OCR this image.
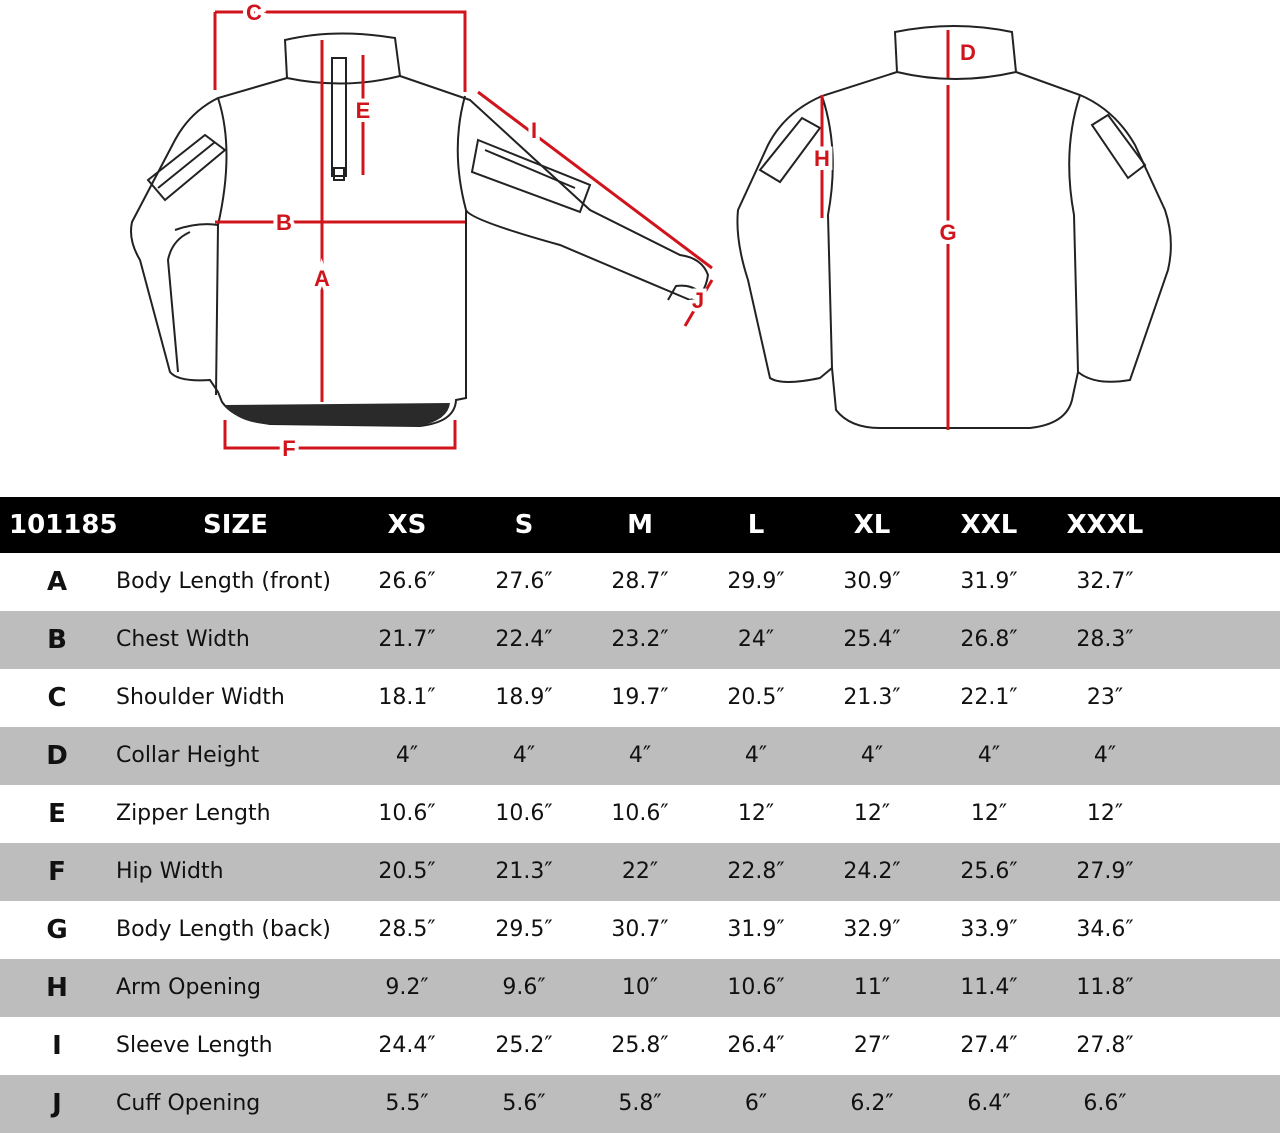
C
E
B
A
F
I
J
D
H
G
101185	SIZE	XS	S	M	L	XL	XXL	XXXL
A	Body Length (front)	26.6″	27.6″	28.7″	29.9″	30.9″	31.9″	32.7″
B	Chest Width	21.7″	22.4″	23.2″	24″	25.4″	26.8″	28.3″
C	Shoulder Width	18.1″	18.9″	19.7″	20.5″	21.3″	22.1″	23″
D	Collar Height	4″	4″	4″	4″	4″	4″	4″
E	Zipper Length	10.6″	10.6″	10.6″	12″	12″	12″	12″
F	Hip Width	20.5″	21.3″	22″	22.8″	24.2″	25.6″	27.9″
G	Body Length (back)	28.5″	29.5″	30.7″	31.9″	32.9″	33.9″	34.6″
H	Arm Opening	9.2″	9.6″	10″	10.6″	11″	11.4″	11.8″
I	Sleeve Length	24.4″	25.2″	25.8″	26.4″	27″	27.4″	27.8″
J	Cuff Opening	5.5″	5.6″	5.8″	6″	6.2″	6.4″	6.6″
